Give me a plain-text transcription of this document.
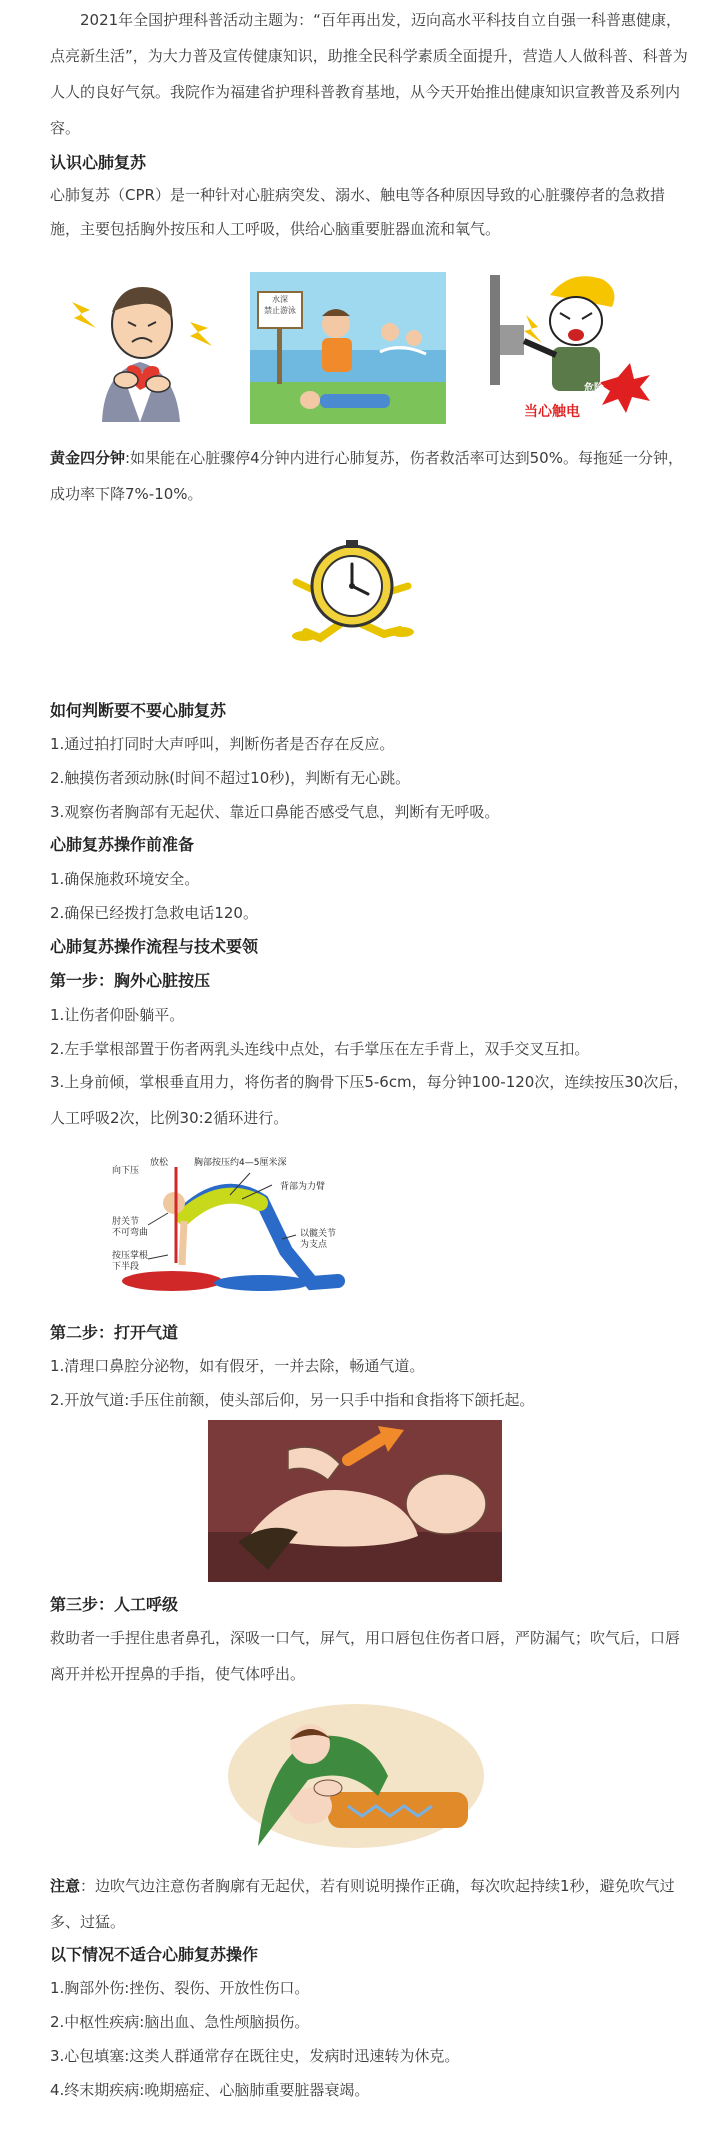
2021年全国护理科普活动主题为：“百年再出发，迈向高水平科技自立自强一科普惠健康，点亮新生活”，为大力普及宣传健康知识，助推全民科学素质全面提升，营造人人做科普、科普为人人的良好气氛。我院作为福建省护理科普教育基地，从今天开始推出健康知识宣教普及系列内容。

认识心肺复苏

心肺复苏（CPR）是一种针对心脏病突发、溺水、触电等各种原因导致的心脏骤停者的急救措施，主要包括胸外按压和人工呼吸，供给心脑重要脏器血流和氧气。

水深
禁止游泳
危险
当心触电

黄金四分钟:如果能在心脏骤停4分钟内进行心肺复苏，伤者救活率可达到50%。每拖延一分钟，成功率下降7%-10%。

如何判断要不要心肺复苏

1.通过拍打同时大声呼叫，判断伤者是否存在反应。

2.触摸伤者颈动脉(时间不超过10秒)，判断有无心跳。

3.观察伤者胸部有无起伏、靠近口鼻能否感受气息，判断有无呼吸。

心肺复苏操作前准备

1.确保施救环境安全。

2.确保已经拨打急救电话120。

心肺复苏操作流程与技术要领
第一步：胸外心脏按压

1.让伤者仰卧躺平。

2.左手掌根部置于伤者两乳头连线中点处，右手掌压在左手背上，双手交叉互扣。

3.上身前倾，掌根垂直用力，将伤者的胸骨下压5-6cm，每分钟100-120次，连续按压30次后，人工呼吸2次，比例30:2循环进行。

向下压
放松	胸部按压约4—5厘米深
背部为力臂
肘关节
不可弯曲	以髋关节
为支点
按压掌根
下半段
第二步：打开气道

1.清理口鼻腔分泌物，如有假牙，一并去除，畅通气道。

2.开放气道:手压住前额，使头部后仰，另一只手中指和食指将下颌托起。

第三步：人工呼级

救助者一手捏住患者鼻孔，深吸一口气，屏气，用口唇包住伤者口唇，严防漏气；吹气后，口唇离开并松开捏鼻的手指，使气体呼出。

注意：边吹气边注意伤者胸廓有无起伏，若有则说明操作正确，每次吹起持续1秒，避免吹气过多、过猛。

以下情况不适合心肺复苏操作

1.胸部外伤:挫伤、裂伤、开放性伤口。

2.中枢性疾病:脑出血、急性颅脑损伤。

3.心包填塞:这类人群通常存在既往史，发病时迅速转为休克。

4.终末期疾病:晚期癌症、心脑肺重要脏器衰竭。
